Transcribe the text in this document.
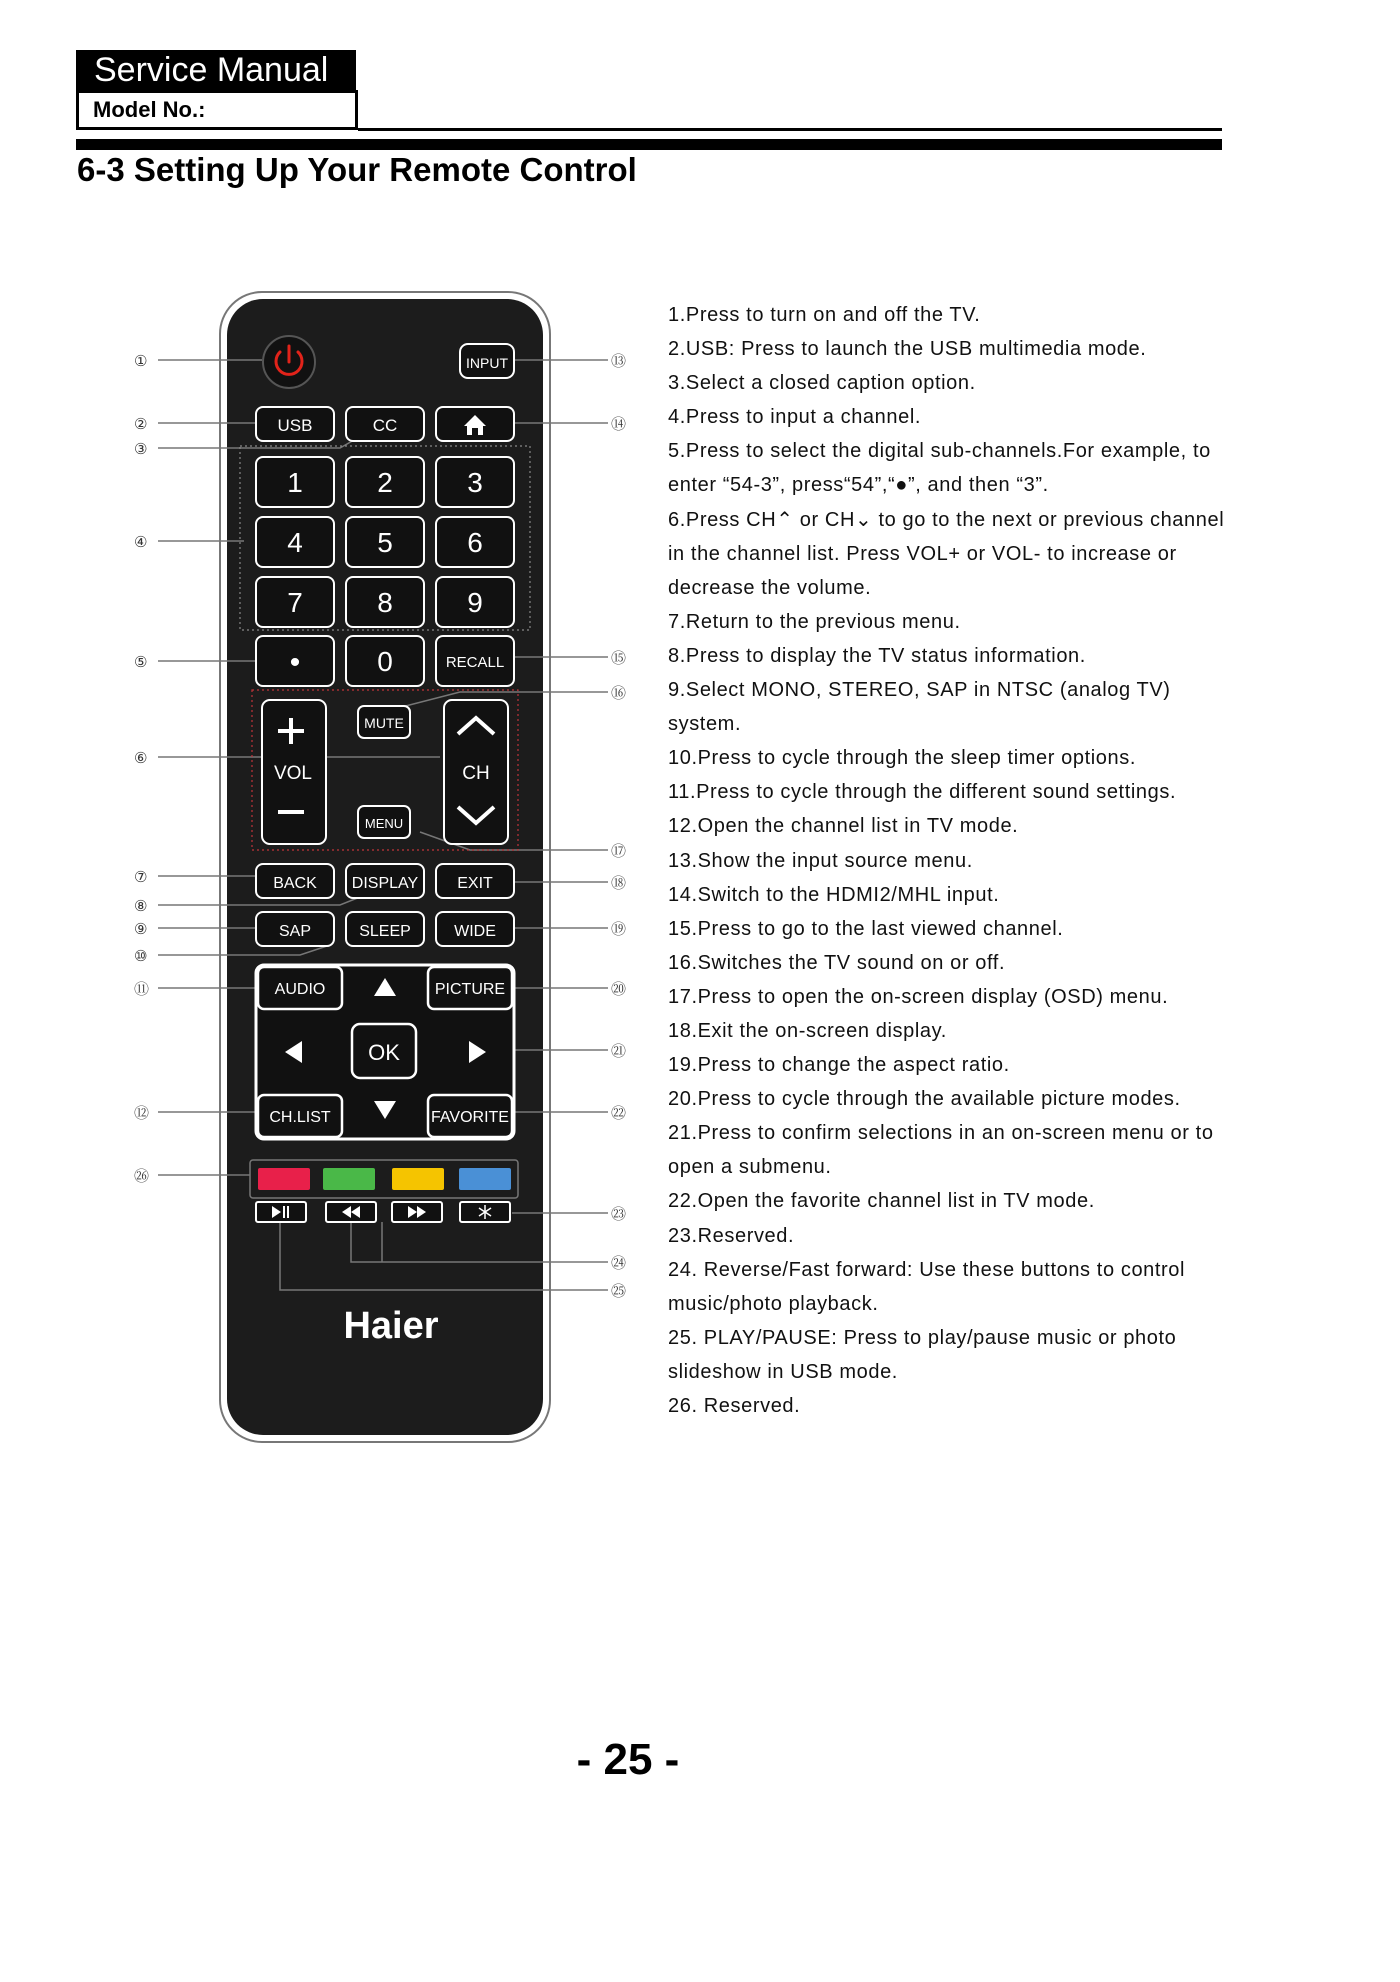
Service Manual
Model No.:
6-3 Setting Up Your Remote Control
①
②
③
④
⑤
⑥
⑦
⑧
⑨
⑩
⑪
⑫
㉖
⑬
⑭
⑮
⑯
⑰
⑱
⑲
⑳
㉑
㉒
㉓
㉔
㉕
INPUT
USB	CC
1	2	3
4	5	6
7	8	9
•	0	RECALL
VOL	CH
MUTE
MENU
BACK DISPLAY EXIT
SAP	SLEEP	WIDE
AUDIO	PICTURE
CH.LIST	FAVORITE
OK
Haier
1.Press to turn on and off the TV.
2.USB: Press to launch the USB multimedia mode.
3.Select a closed caption option.
4.Press to input a channel.
5.Press to select the digital sub-channels.For example, to
enter “54-3”, press“54”,“●”, and then “3”.
6.Press CH⌃ or CH⌄ to go to the next or previous channel
in the channel list. Press VOL+ or VOL- to increase or
decrease the volume.
7.Return to the previous menu.
8.Press to display the TV status information.
9.Select MONO, STEREO, SAP in NTSC (analog TV)
system.
10.Press to cycle through the sleep timer options.
11.Press to cycle through the different sound settings.
12.Open the channel list in TV mode.
13.Show the input source menu.
14.Switch to the HDMI2/MHL input.
15.Press to go to the last viewed channel.
16.Switches the TV sound on or off.
17.Press to open the on-screen display (OSD) menu.
18.Exit the on-screen display.
19.Press to change the aspect ratio.
20.Press to cycle through the available picture modes.
21.Press to confirm selections in an on-screen menu or to
open a submenu.
22.Open the favorite channel list in TV mode.
23.Reserved.
24. Reverse/Fast forward: Use these buttons to control
music/photo playback.
25. PLAY/PAUSE: Press to play/pause music or photo
slideshow in USB mode.
26. Reserved.
- 25 -
